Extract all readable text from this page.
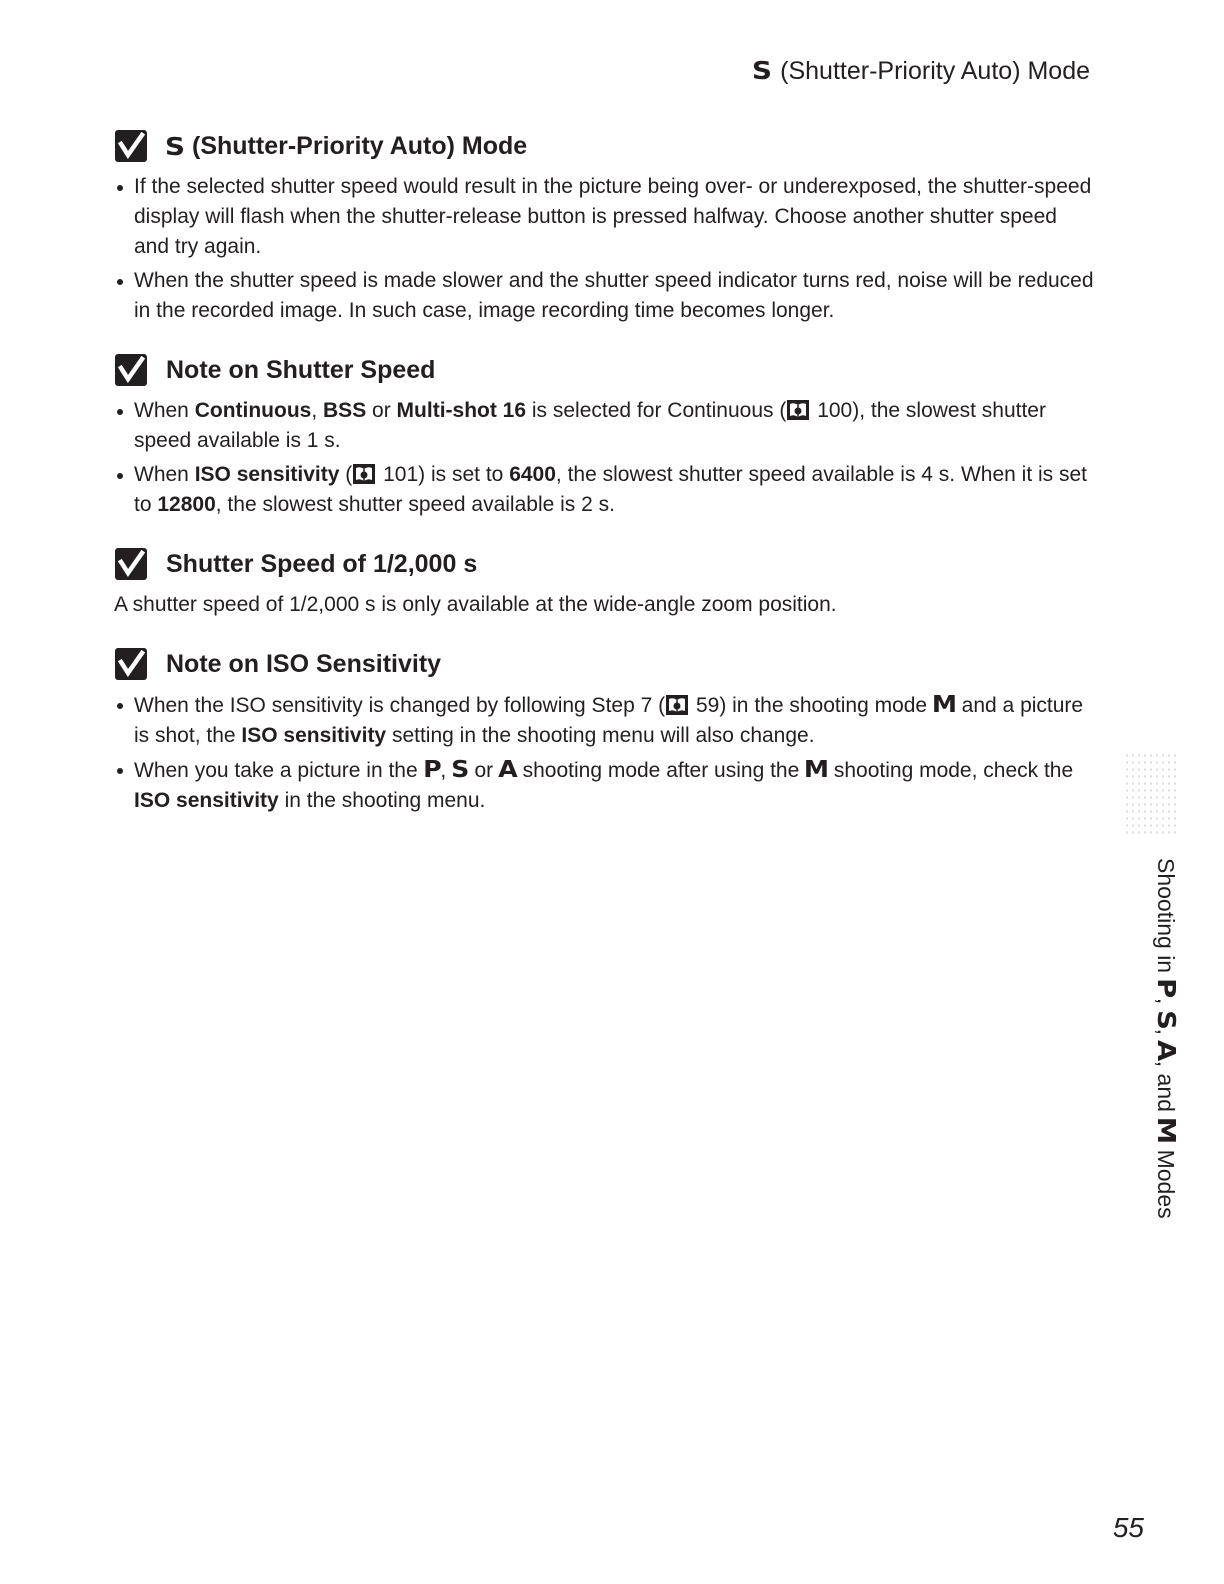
S (Shutter-Priority Auto) Mode
S (Shutter-Priority Auto) Mode
If the selected shutter speed would result in the picture being over- or underexposed, the shutter-speed display will flash when the shutter-release button is pressed halfway. Choose another shutter speed and try again.
When the shutter speed is made slower and the shutter speed indicator turns red, noise will be reduced in the recorded image. In such case, image recording time becomes longer.
Note on Shutter Speed
When Continuous, BSS or Multi-shot 16 is selected for Continuous ( 100), the slowest shutter speed available is 1 s.
When ISO sensitivity ( 101) is set to 6400, the slowest shutter speed available is 4 s. When it is set to 12800, the slowest shutter speed available is 2 s.
Shutter Speed of 1/2,000 s
A shutter speed of 1/2,000 s is only available at the wide-angle zoom position.
Note on ISO Sensitivity
When the ISO sensitivity is changed by following Step 7 ( 59) in the shooting mode M and a picture is shot, the ISO sensitivity setting in the shooting menu will also change.
When you take a picture in the P, S or A shooting mode after using the M shooting mode, check the ISO sensitivity in the shooting menu.
Shooting in P, S, A, and M Modes
55
